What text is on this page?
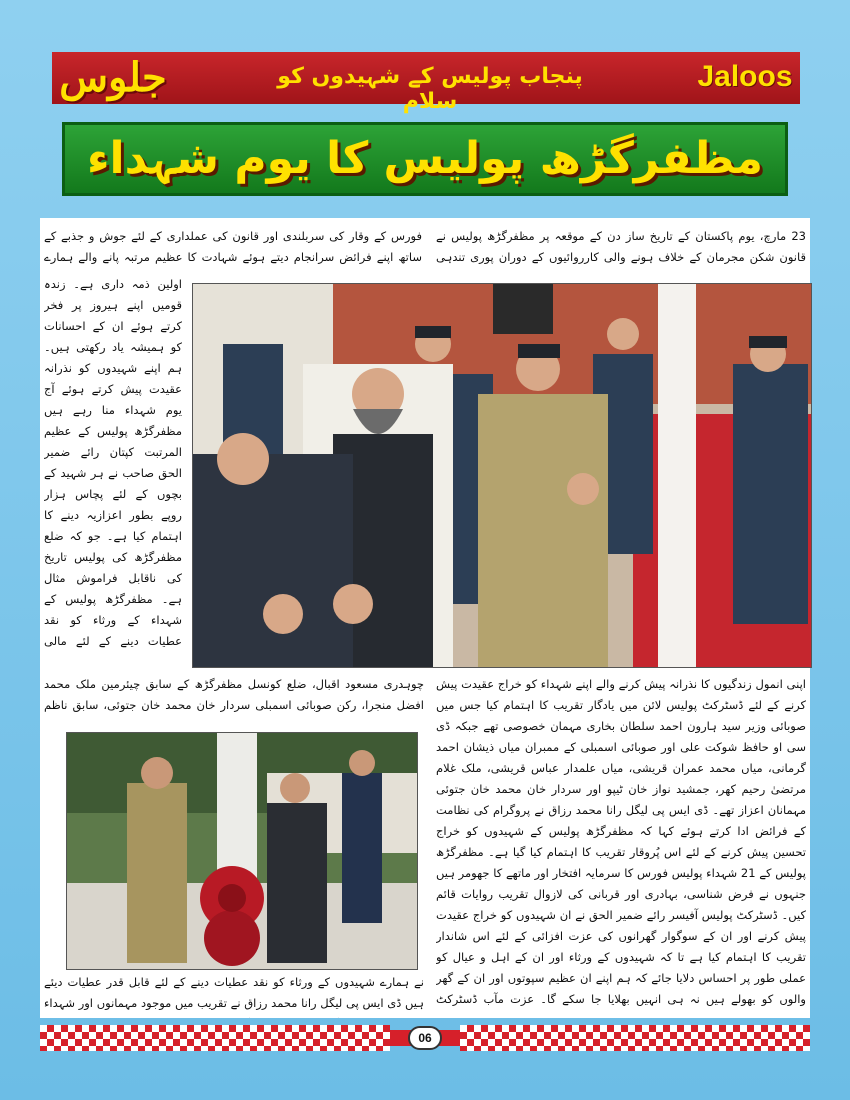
جلوس	پنجاب پولیس کے شہیدوں کو سلام
Jaloos
مظفرگڑھ پولیس کا یوم شہداء

23 مارچ، یوم پاکستان کے تاریخ ساز دن کے موقعہ پر مظفرگڑھ پولیس نے قانون شکن مجرمان کے خلاف ہونے والی کارروائیوں کے دوران پوری تندہی

فورس کے وقار کی سربلندی اور قانون کی عملداری کے لئے جوش و جذبے کے ساتھ اپنے فرائض سرانجام دیتے ہوئے شہادت کا عظیم مرتبہ پانے والے ہمارے

اولین ذمہ داری ہے۔ زندہ قومیں اپنے ہیروز پر فخر کرتے ہوئے ان کے احسانات کو ہمیشہ یاد رکھتی ہیں۔ ہم اپنے شہیدوں کو نذرانہ عقیدت پیش کرتے ہوئے آج یوم شہداء منا رہے ہیں مظفرگڑھ پولیس کے عظیم المرتبت کپتان رائے ضمیر الحق صاحب نے ہر شہید کے بچوں کے لئے پچاس ہزار روپے بطور اعزازیہ دینے کا اہتمام کیا ہے۔ جو کہ ضلع مظفرگڑھ کی پولیس تاریخ کی ناقابل فراموش مثال ہے۔ مظفرگڑھ پولیس کے شہداء کے ورثاء کو نقد عطیات دینے کے لئے مالی

اپنی انمول زندگیوں کا نذرانہ پیش کرنے والے اپنے شہداء کو خراج عقیدت پیش کرنے کے لئے ڈسٹرکٹ پولیس لائن میں یادگار تقریب کا اہتمام کیا جس میں صوبائی وزیر سید ہارون احمد سلطان بخاری مہمان خصوصی تھے جبکہ ڈی سی او حافظ شوکت علی اور صوبائی اسمبلی کے ممبران میاں ذیشان احمد گرمانی، میاں محمد عمران قریشی، میاں علمدار عباس قریشی، ملک غلام مرتضیٰ رحیم کھر، جمشید نواز خان ٹیپو اور سردار خان محمد خان جتوئی مہمانان اعزاز تھے۔ ڈی ایس پی لیگل رانا محمد رزاق نے پروگرام کی نظامت کے فرائض ادا کرتے ہوئے کہا کہ مظفرگڑھ پولیس کے شہیدوں کو خراج تحسین پیش کرنے کے لئے اس پُروقار تقریب کا اہتمام کیا گیا ہے۔ مظفرگڑھ پولیس کے 21 شہداء پولیس فورس کا سرمایہ افتخار اور ماتھے کا جھومر ہیں جنہوں نے فرض شناسی، بہادری اور قربانی کی لازوال تقریب روایات قائم کیں۔ ڈسٹرکٹ پولیس آفیسر رائے ضمیر الحق نے ان شہیدوں کو خراج عقیدت پیش کرنے اور ان کے سوگوار گھرانوں کی عزت افزائی کے لئے اس شاندار تقریب کا اہتمام کیا ہے تا کہ شہیدوں کے ورثاء اور ان کے اہل و عیال کو عملی طور پر احساس دلایا جائے کہ ہم اپنے ان عظیم سپوتوں اور ان کے گھر والوں کو بھولے ہیں نہ ہی انہیں بھلایا جا سکے گا۔ عزت مآب ڈسٹرکٹ

چوہدری مسعود اقبال، ضلع کونسل مظفرگڑھ کے سابق چیئرمین ملک محمد افضل منجرا، رکن صوبائی اسمبلی سردار خان محمد خان جتوئی، سابق ناظم

نے ہمارے شہیدوں کے ورثاء کو نقد عطیات دینے کے لئے قابل قدر عطیات دیئے ہیں ڈی ایس پی لیگل رانا محمد رزاق نے تقریب میں موجود مہمانوں اور شہداء

06
